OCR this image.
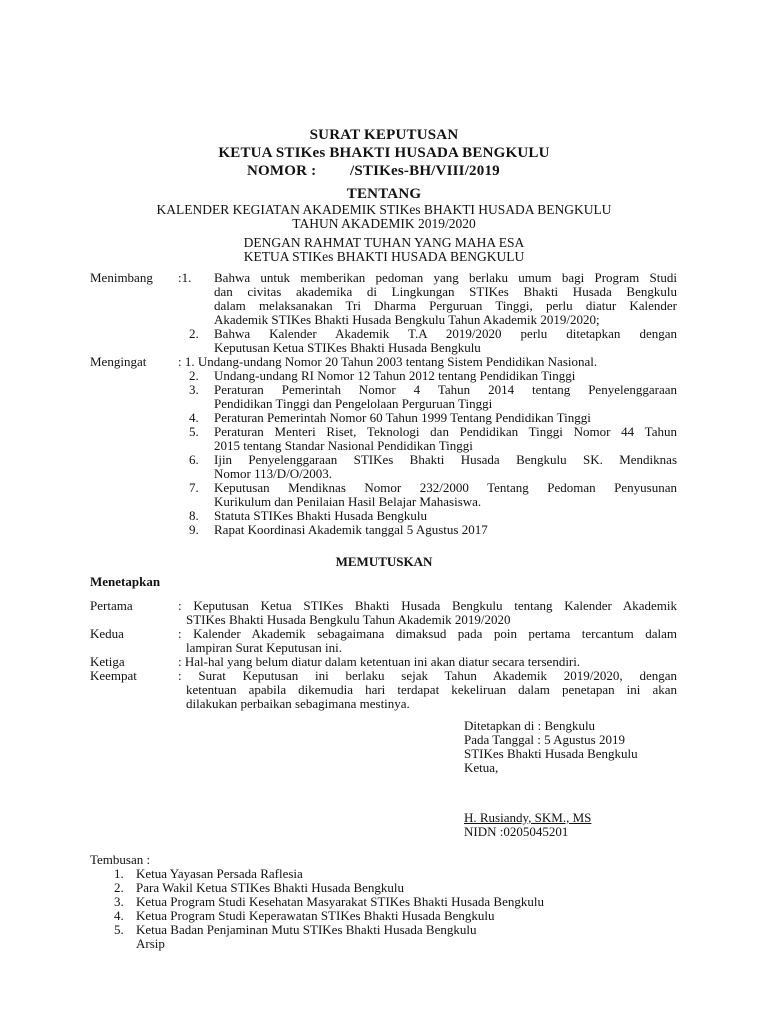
SURAT KEPUTUSAN
KETUA STIKes BHAKTI HUSADA BENGKULU
NOMOR : /STIKes-BH/VIII/2019
TENTANG
KALENDER KEGIATAN AKADEMIK STIKes BHAKTI HUSADA BENGKULU
TAHUN AKADEMIK 2019/2020
DENGAN RAHMAT TUHAN YANG MAHA ESA
KETUA STIKes BHAKTI HUSADA BENGKULU
Menimbang :1. Bahwa untuk memberikan pedoman yang berlaku umum bagi Program Studi
dan civitas akademika di Lingkungan STIKes Bhakti Husada Bengkulu
dalam melaksanakan Tri Dharma Perguruan Tinggi, perlu diatur Kalender
Akademik STIKes Bhakti Husada Bengkulu Tahun Akademik 2019/2020;
2. Bahwa Kalender Akademik T.A 2019/2020 perlu ditetapkan dengan
Keputusan Ketua STIKes Bhakti Husada Bengkulu
Mengingat : 1. Undang-undang Nomor 20 Tahun 2003 tentang Sistem Pendidikan Nasional.
2. Undang-undang RI Nomor 12 Tahun 2012 tentang Pendidikan Tinggi
3. Peraturan Pemerintah Nomor 4 Tahun 2014 tentang Penyelenggaraan
Pendidikan Tinggi dan Pengelolaan Perguruan Tinggi
4. Peraturan Pemerintah Nomor 60 Tahun 1999 Tentang Pendidikan Tinggi
5. Peraturan Menteri Riset, Teknologi dan Pendidikan Tinggi Nomor 44 Tahun
2015 tentang Standar Nasional Pendidikan Tinggi
6. Ijin Penyelenggaraan STIKes Bhakti Husada Bengkulu SK. Mendiknas
Nomor 113/D/O/2003.
7. Keputusan Mendiknas Nomor 232/2000 Tentang Pedoman Penyusunan
Kurikulum dan Penilaian Hasil Belajar Mahasiswa.
8. Statuta STIKes Bhakti Husada Bengkulu
9. Rapat Koordinasi Akademik tanggal 5 Agustus 2017
MEMUTUSKAN
Menetapkan
Pertama	: Keputusan Ketua STIKes Bhakti Husada Bengkulu tentang Kalender Akademik
STIKes Bhakti Husada Bengkulu Tahun Akademik 2019/2020
Kedua	: Kalender Akademik sebagaimana dimaksud pada poin pertama tercantum dalam
lampiran Surat Keputusan ini.
Ketiga	: Hal-hal yang belum diatur dalam ketentuan ini akan diatur secara tersendiri.
Keempat	: Surat Keputusan ini berlaku sejak Tahun Akademik 2019/2020, dengan
ketentuan apabila dikemudia hari terdapat kekeliruan dalam penetapan ini akan
dilakukan perbaikan sebagimana mestinya.
Ditetapkan di : Bengkulu
Pada Tanggal : 5 Agustus 2019
STIKes Bhakti Husada Bengkulu
Ketua,
H. Rusiandy, SKM., MS
NIDN :0205045201
Tembusan :
1. Ketua Yayasan Persada Raflesia
2. Para Wakil Ketua STIKes Bhakti Husada Bengkulu
3. Ketua Program Studi Kesehatan Masyarakat STIKes Bhakti Husada Bengkulu
4. Ketua Program Studi Keperawatan STIKes Bhakti Husada Bengkulu
5. Ketua Badan Penjaminan Mutu STIKes Bhakti Husada Bengkulu
Arsip
